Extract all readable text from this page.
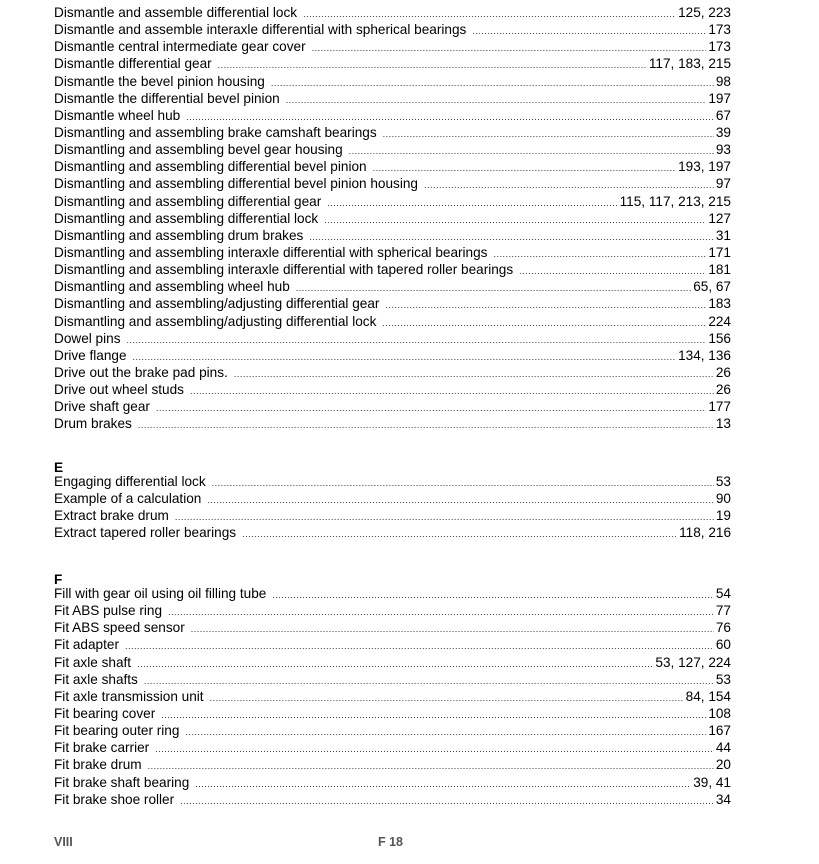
Dismantle and assemble differential lock .....	125, 223
Dismantle and assemble interaxle differential with spherical bearings .....	173
Dismantle central intermediate gear cover .....	173
Dismantle differential gear .....	117, 183, 215
Dismantle the bevel pinion housing .....	98
Dismantle the differential bevel pinion .....	197
Dismantle wheel hub .....	67
Dismantling and assembling brake camshaft bearings .....	39
Dismantling and assembling bevel gear housing .....	93
Dismantling and assembling differential bevel pinion .....	193, 197
Dismantling and assembling differential bevel pinion housing .....	97
Dismantling and assembling differential gear .....	115, 117, 213, 215
Dismantling and assembling differential lock .....	127
Dismantling and assembling drum brakes .....	31
Dismantling and assembling interaxle differential with spherical bearings .....	171
Dismantling and assembling interaxle differential with tapered roller bearings .....	181
Dismantling and assembling wheel hub .....	65, 67
Dismantling and assembling/adjusting differential gear .....	183
Dismantling and assembling/adjusting differential lock .....	224
Dowel pins .....	156
Drive flange .....	134, 136
Drive out the brake pad pins. .....	26
Drive out wheel studs .....	26
Drive shaft gear .....	177
Drum brakes .....	13
E
Engaging differential lock .....	53
Example of a calculation .....	90
Extract brake drum .....	19
Extract tapered roller bearings .....	118, 216
F
Fill with gear oil using oil filling tube .....	54
Fit ABS pulse ring .....	77
Fit ABS speed sensor .....	76
Fit adapter .....	60
Fit axle shaft .....	53, 127, 224
Fit axle shafts .....	53
Fit axle transmission unit .....	84, 154
Fit bearing cover .....	108
Fit bearing outer ring .....	167
Fit brake carrier .....	44
Fit brake drum .....	20
Fit brake shaft bearing .....	39, 41
Fit brake shoe roller .....	34
VIII	F 18
